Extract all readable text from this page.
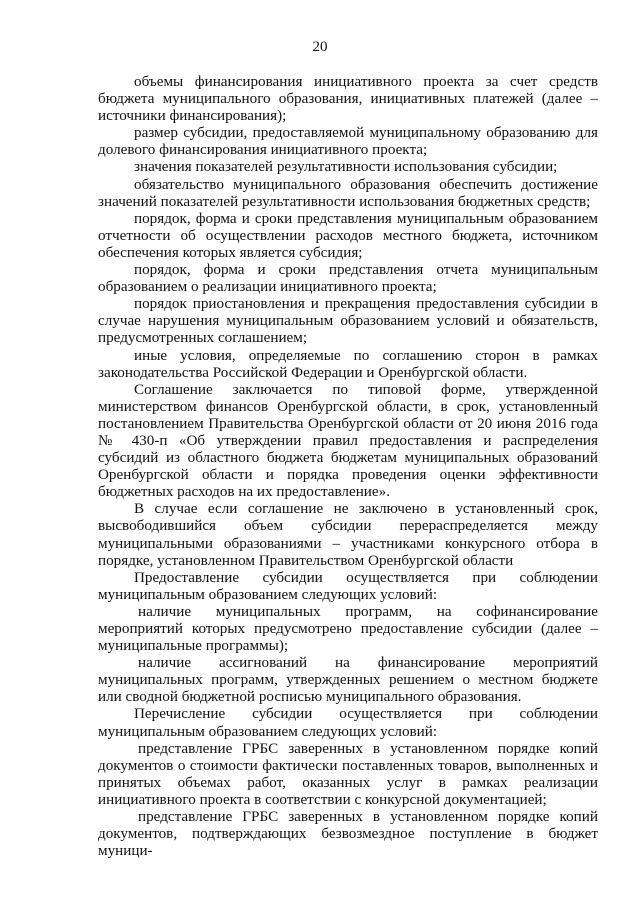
20

объемы финансирования инициативного проекта за счет средств бюджета муниципального образования, инициативных платежей (далее – источники финансирования);

размер субсидии, предоставляемой муниципальному образованию для долевого финансирования инициативного проекта;

значения показателей результативности использования субсидии;

обязательство муниципального образования обеспечить достижение значений показателей результативности использования бюджетных средств;

порядок, форма и сроки представления муниципальным образованием отчетности об осуществлении расходов местного бюджета, источником обеспечения которых является субсидия;

порядок, форма и сроки представления отчета муниципальным образованием о реализации инициативного проекта;

порядок приостановления и прекращения предоставления субсидии в случае нарушения муниципальным образованием условий и обязательств, предусмотренных соглашением;

иные условия, определяемые по соглашению сторон в рамках законодательства Российской Федерации и Оренбургской области.

Соглашение заключается по типовой форме, утвержденной министерством финансов Оренбургской области, в срок, установленный постановлением Правительства Оренбургской области от 20 июня 2016 года № 430-п «Об утверждении правил предоставления и распределения субсидий из областного бюджета бюджетам муниципальных образований Оренбургской области и порядка проведения оценки эффективности бюджетных расходов на их предоставление».

В случае если соглашение не заключено в установленный срок, высвободившийся объем субсидии перераспределяется между муниципальными образованиями – участниками конкурсного отбора в порядке, установленном Правительством Оренбургской области

Предоставление субсидии осуществляется при соблюдении муниципальным образованием следующих условий:

наличие муниципальных программ, на софинансирование мероприятий которых предусмотрено предоставление субсидии (далее – муниципальные программы);

наличие ассигнований на финансирование мероприятий муниципальных программ, утвержденных решением о местном бюджете или сводной бюджетной росписью муниципального образования.

Перечисление субсидии осуществляется при соблюдении муниципальным образованием следующих условий:

представление ГРБС заверенных в установленном порядке копий документов о стоимости фактически поставленных товаров, выполненных и принятых объемах работ, оказанных услуг в рамках реализации инициативного проекта в соответствии с конкурсной документацией;

представление ГРБС заверенных в установленном порядке копий документов, подтверждающих безвозмездное поступление в бюджет муници-
